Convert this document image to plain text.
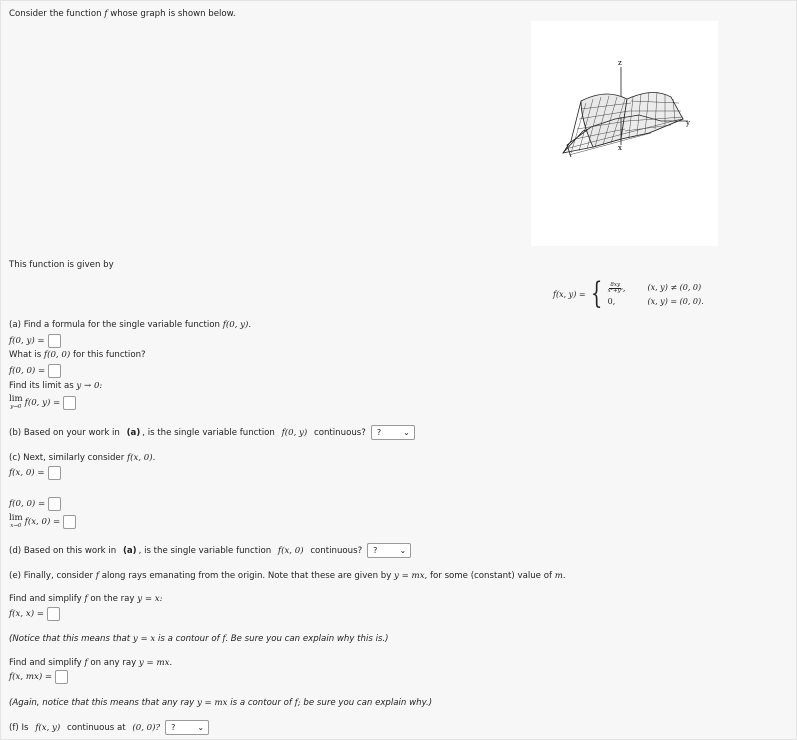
Consider the function f whose graph is shown below.
z
x
y
This function is given by
f(x, y) = { $\frac{8xy}{\text{x²+y²}}$ ,	(x, y) ≠ (0, 0)
0,	(x, y) = (0, 0).
(a) Find a formula for the single variable function f(0, y).
f(0, y) =
What is f(0, 0) for this function?
f(0, 0) =
Find its limit as y → 0:
lim
y→0 f(0, y) =
(b) Based on your work in
(a) , is the single variable function
f(0, y)
continuous? ?	⌄
(c) Next, similarly consider f(x, 0).
f(x, 0) =
f(0, 0) =
lim
x→0 f(x, 0) =
(d) Based on this work in
(a) , is the single variable function
f(x, 0)
continuous? ?	⌄
(e) Finally, consider f along rays emanating from the origin. Note that these are given by y = mx, for some (constant) value of m.
Find and simplify f on the ray y = x:
f(x, x) =
(Notice that this means that y = x is a contour of f. Be sure you can explain why this is.)
Find and simplify f on any ray y = mx.
f(x, mx) =
(Again, notice that this means that any ray y = mx is a contour of f; be sure you can explain why.)
(f) Is
f(x, y)
continuous at
(0, 0)? ?	⌄
